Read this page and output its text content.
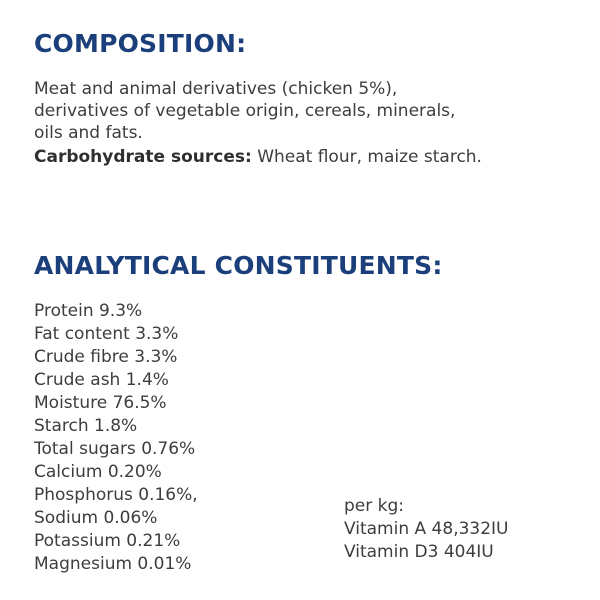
COMPOSITION:

Meat and animal derivatives (chicken 5%),
derivatives of vegetable origin, cereals, minerals,
oils and fats.

Carbohydrate sources: Wheat flour, maize starch.

ANALYTICAL CONSTITUENTS:
Protein 9.3%
Fat content 3.3%
Crude fibre 3.3%
Crude ash 1.4%
Moisture 76.5%
Starch 1.8%
Total sugars 0.76%
Calcium 0.20%
Phosphorus 0.16%,
Sodium 0.06%
Potassium 0.21%
Magnesium 0.01%
per kg:
Vitamin A 48,332IU
Vitamin D3 404IU
